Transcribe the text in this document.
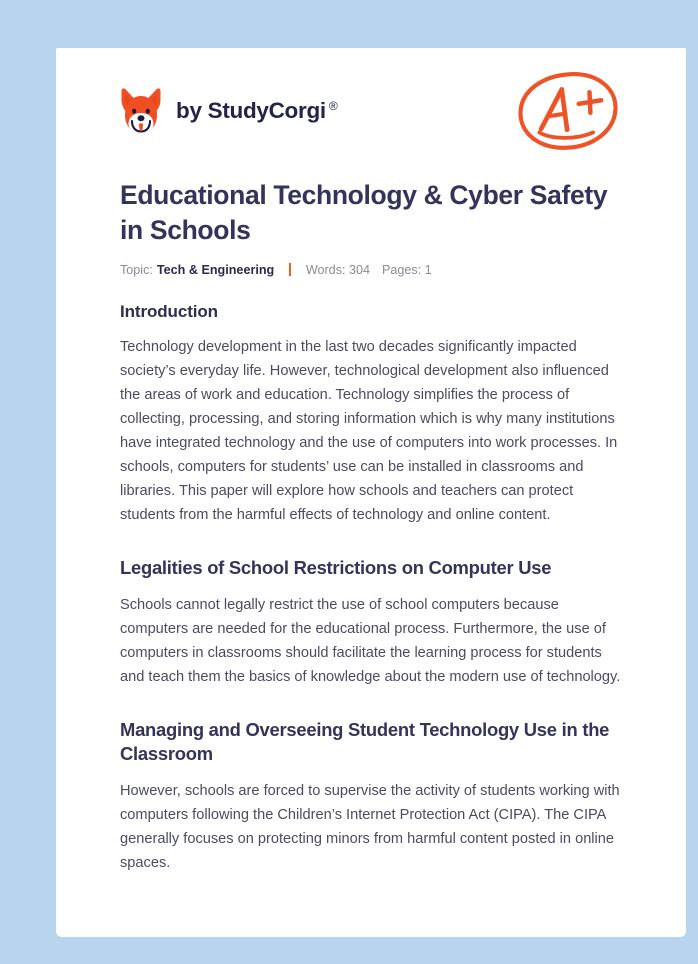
by StudyCorgi ®
Educational Technology & Cyber Safety in Schools
Topic: Tech & Engineering	Words: 304 Pages: 1
Introduction

Technology development in the last two decades significantly impacted society’s everyday life. However, technological development also influenced the areas of work and education. Technology simplifies the process of collecting, processing, and storing information which is why many institutions have integrated technology and the use of computers into work processes. In schools, computers for students’ use can be installed in classrooms and libraries. This paper will explore how schools and teachers can protect students from the harmful effects of technology and online content.

Legalities of School Restrictions on Computer Use

Schools cannot legally restrict the use of school computers because computers are needed for the educational process. Furthermore, the use of computers in classrooms should facilitate the learning process for students and teach them the basics of knowledge about the modern use of technology.

Managing and Overseeing Student Technology Use in the Classroom

However, schools are forced to supervise the activity of students working with computers following the Children’s Internet Protection Act (CIPA). The CIPA generally focuses on protecting minors from harmful content posted in online spaces.
